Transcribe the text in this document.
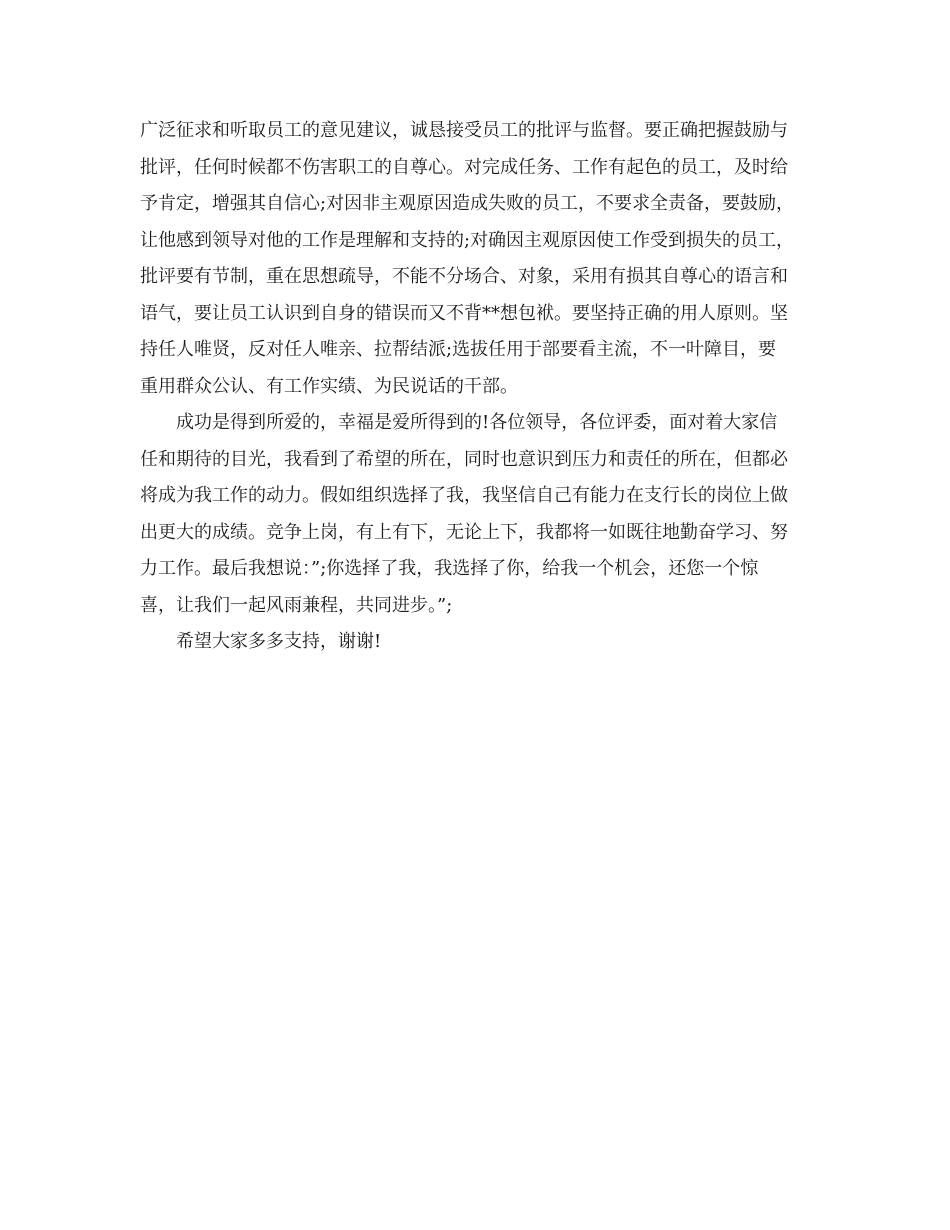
广泛征求和听取员工的意见建议，诚恳接受员工的批评与监督。要正确把握鼓励与
批评，任何时候都不伤害职工的自尊心。对完成任务、工作有起色的员工，及时给
予肯定，增强其自信心;对因非主观原因造成失败的员工，不要求全责备，要鼓励，
让他感到领导对他的工作是理解和支持的;对确因主观原因使工作受到损失的员工，
批评要有节制，重在思想疏导，不能不分场合、对象，采用有损其自尊心的语言和
语气，要让员工认识到自身的错误而又不背**想包袱。要坚持正确的用人原则。坚
持任人唯贤，反对任人唯亲、拉帮结派;选拔任用于部要看主流，不一叶障目，要
重用群众公认、有工作实绩、为民说话的干部。
成功是得到所爱的，幸福是爱所得到的!各位领导，各位评委，面对着大家信
任和期待的目光，我看到了希望的所在，同时也意识到压力和责任的所在，但都必
将成为我工作的动力。假如组织选择了我，我坚信自己有能力在支行长的岗位上做
出更大的成绩。竞争上岗，有上有下，无论上下，我都将一如既往地勤奋学习、努
力工作。最后我想说：”;你选择了我，我选择了你，给我一个机会，还您一个惊
喜，让我们一起风雨兼程，共同进步。”;
希望大家多多支持，谢谢!
